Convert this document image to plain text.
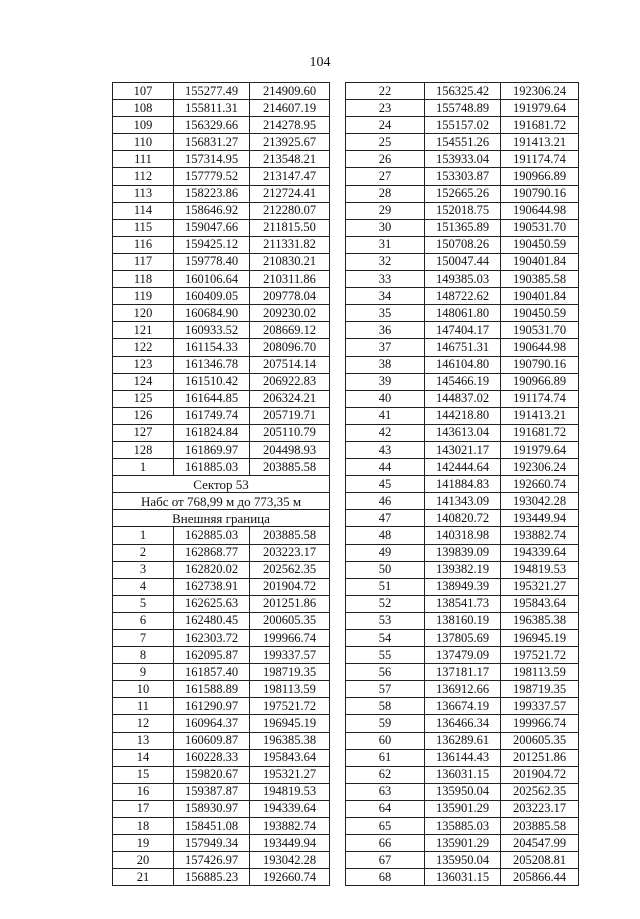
104
107	155277.49	214909.60
108	155811.31	214607.19
109	156329.66	214278.95
110	156831.27	213925.67
111	157314.95	213548.21
112	157779.52	213147.47
113	158223.86	212724.41
114	158646.92	212280.07
115	159047.66	211815.50
116	159425.12	211331.82
117	159778.40	210830.21
118	160106.64	210311.86
119	160409.05	209778.04
120	160684.90	209230.02
121	160933.52	208669.12
122	161154.33	208096.70
123	161346.78	207514.14
124	161510.42	206922.83
125	161644.85	206324.21
126	161749.74	205719.71
127	161824.84	205110.79
128	161869.97	204498.93
1	161885.03	203885.58
Сектор 53		
Набс от 768,99 м до 773,35 м		
Внешняя граница		
1	162885.03	203885.58
2	162868.77	203223.17
3	162820.02	202562.35
4	162738.91	201904.72
5	162625.63	201251.86
6	162480.45	200605.35
7	162303.72	199966.74
8	162095.87	199337.57
9	161857.40	198719.35
10	161588.89	198113.59
11	161290.97	197521.72
12	160964.37	196945.19
13	160609.87	196385.38
14	160228.33	195843.64
15	159820.67	195321.27
16	159387.87	194819.53
17	158930.97	194339.64
18	158451.08	193882.74
19	157949.34	193449.94
20	157426.97	193042.28
21	156885.23	192660.74
22	156325.42	192306.24
23	155748.89	191979.64
24	155157.02	191681.72
25	154551.26	191413.21
26	153933.04	191174.74
27	153303.87	190966.89
28	152665.26	190790.16
29	152018.75	190644.98
30	151365.89	190531.70
31	150708.26	190450.59
32	150047.44	190401.84
33	149385.03	190385.58
34	148722.62	190401.84
35	148061.80	190450.59
36	147404.17	190531.70
37	146751.31	190644.98
38	146104.80	190790.16
39	145466.19	190966.89
40	144837.02	191174.74
41	144218.80	191413.21
42	143613.04	191681.72
43	143021.17	191979.64
44	142444.64	192306.24
45	141884.83	192660.74
46	141343.09	193042.28
47	140820.72	193449.94
48	140318.98	193882.74
49	139839.09	194339.64
50	139382.19	194819.53
51	138949.39	195321.27
52	138541.73	195843.64
53	138160.19	196385.38
54	137805.69	196945.19
55	137479.09	197521.72
56	137181.17	198113.59
57	136912.66	198719.35
58	136674.19	199337.57
59	136466.34	199966.74
60	136289.61	200605.35
61	136144.43	201251.86
62	136031.15	201904.72
63	135950.04	202562.35
64	135901.29	203223.17
65	135885.03	203885.58
66	135901.29	204547.99
67	135950.04	205208.81
68	136031.15	205866.44
